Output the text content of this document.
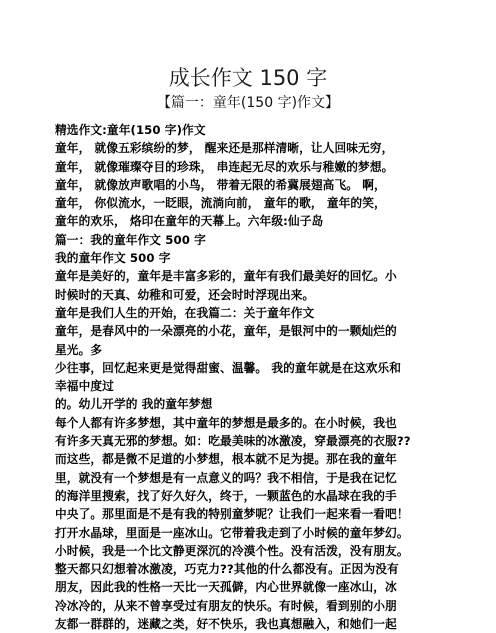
成长作文 150 字
【篇一：童年(150 字)作文】
精选作文:童年(150 字)作文
童年， 就像五彩缤纷的梦， 醒来还是那样清晰，让人回味无穷，
童年， 就像璀璨夺目的珍珠， 串连起无尽的欢乐与稚嫩的梦想。
童年， 就像放声歌唱的小鸟， 带着无限的希冀展翅高飞。 啊，
童年， 你似流水，一眨眼，流淌向前， 童年的歌， 童年的笑，
童年的欢乐， 烙印在童年的天幕上。六年级:仙子岛
篇一：我的童年作文 500 字
我的童年作文 500 字
童年是美好的，童年是丰富多彩的，童年有我们最美好的回忆。小
时候时的天真、幼稚和可爱，还会时时浮现出来。
童年是我们人生的开始，在我篇二：关于童年作文
童年，是春风中的一朵漂亮的小花，童年，是银河中的一颗灿烂的
星光。多
少往事，回忆起来更是觉得甜蜜、温馨。 我的童年就是在这欢乐和
幸福中度过
的。幼儿开学的 我的童年梦想
每个人都有许多梦想，其中童年的梦想是最多的。在小时候，我也
有许多天真无邪的梦想。如：吃最美味的冰激凌，穿最漂亮的衣服??
而这些，都是微不足道的小梦想，根本就不足为提。那在我的童年
里，就没有一个梦想是有一点意义的吗？我不相信，于是我在记忆
的海洋里搜索，找了好久好久，终于，一颗蓝色的水晶球在我的手
中央了。那里面是不是有我的特别童梦呢？让我们一起来看一看吧！
打开水晶球，里面是一座冰山。它带着我走到了小时候的童年梦幻。
小时候，我是一个比文静更深沉的冷漠个性。没有活泼，没有朋友。
整天都只幻想着冰激凌，巧克力??其他的什么都没有。正因为没有
朋友，因此我的性格一天比一天孤僻，内心世界就像一座冰山，冰
冷冰冷的，从来不曾享受过有朋友的快乐。有时候，看到别的小朋
友都一群群的，迷藏之类，好不快乐，我也真想融入，和她们一起
